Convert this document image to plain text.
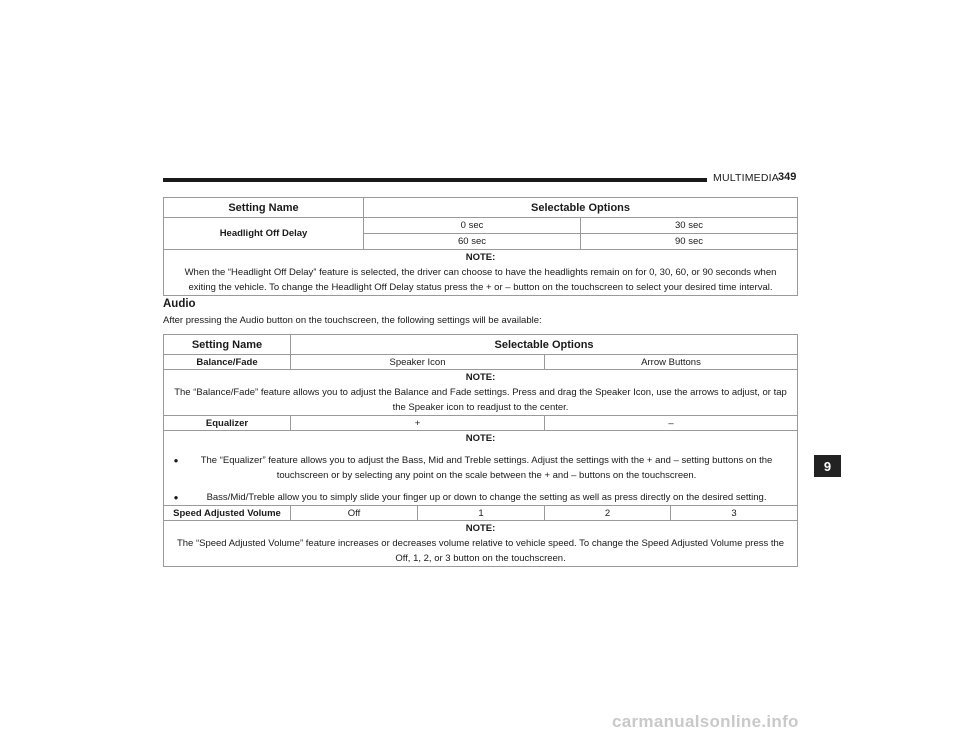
MULTIMEDIA 349
Setting Name	Selectable Options	
Headlight Off Delay	0 sec	30 sec
	60 sec	90 sec

NOTE:
When the “Headlight Off Delay” feature is selected, the driver can choose to have the headlights remain on for 0, 30, 60, or 90 seconds when exiting the vehicle. To change the Headlight Off Delay status press the + or – button on the touchscreen to select your desired time interval.		
Audio
After pressing the Audio button on the touchscreen, the following settings will be available:
Setting Name	Selectable Options			
Balance/Fade	Speaker Icon		Arrow Buttons	

NOTE:
The “Balance/Fade” feature allows you to adjust the Balance and Fade settings. Press and drag the Speaker Icon, use the arrows to adjust, or tap the Speaker icon to readjust to the center.				
Equalizer	+		–	

NOTE:
● The “Equalizer” feature allows you to adjust the Bass, Mid and Treble settings. Adjust the settings with the + and – setting buttons on the touchscreen or by selecting any point on the scale between the + and – buttons on the touchscreen.
● Bass/Mid/Treble allow you to simply slide your finger up or down to change the setting as well as press directly on the desired setting.				

Speed Adjusted Volume	Off	1	2	3

NOTE:
The “Speed Adjusted Volume” feature increases or decreases volume relative to vehicle speed. To change the Speed Adjusted Volume press the Off, 1, 2, or 3 button on the touchscreen.				
9
carmanualsonline.info
